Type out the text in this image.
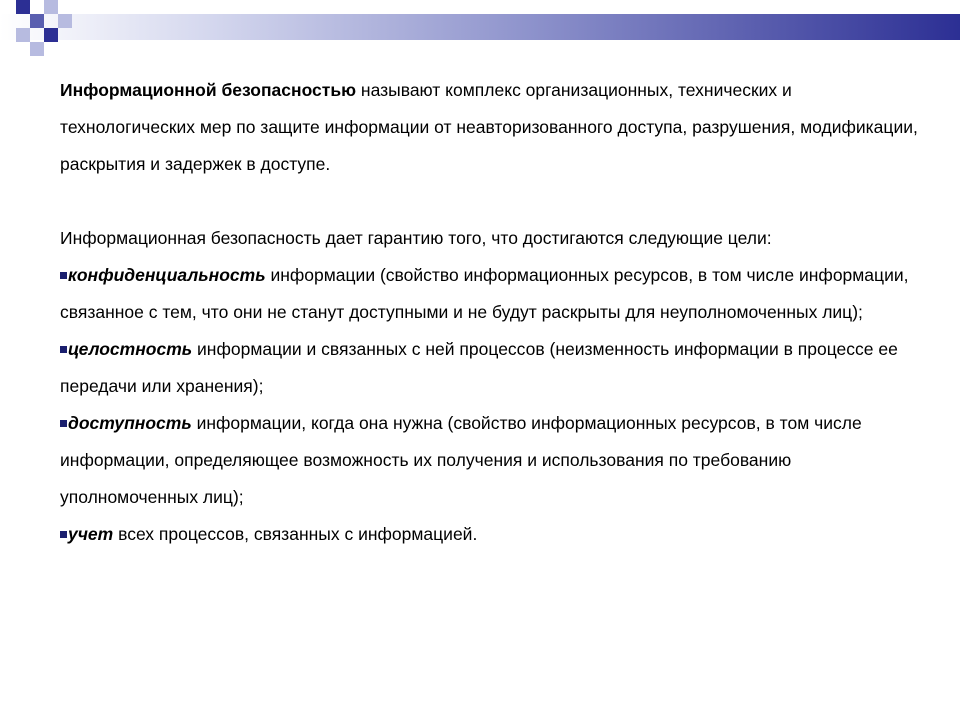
Информационной безопасностью называют комплекс организационных, технических и технологических мер по защите информации от неавторизованного доступа, разрушения, модификации, раскрытия и задержек в доступе.

Информационная безопасность дает гарантию того, что достигаются следующие цели:

конфиденциальность информации (свойство информационных ресурсов, в том числе информации, связанное с тем, что они не станут доступными и не будут раскрыты для неуполномоченных лиц);

целостность информации и связанных с ней процессов (неизменность информации в процессе ее передачи или хранения);

доступность информации, когда она нужна (свойство информационных ресурсов, в том числе информации, определяющее возможность их получения и использования по требованию уполномоченных лиц);

учет всех процессов, связанных с информацией.
